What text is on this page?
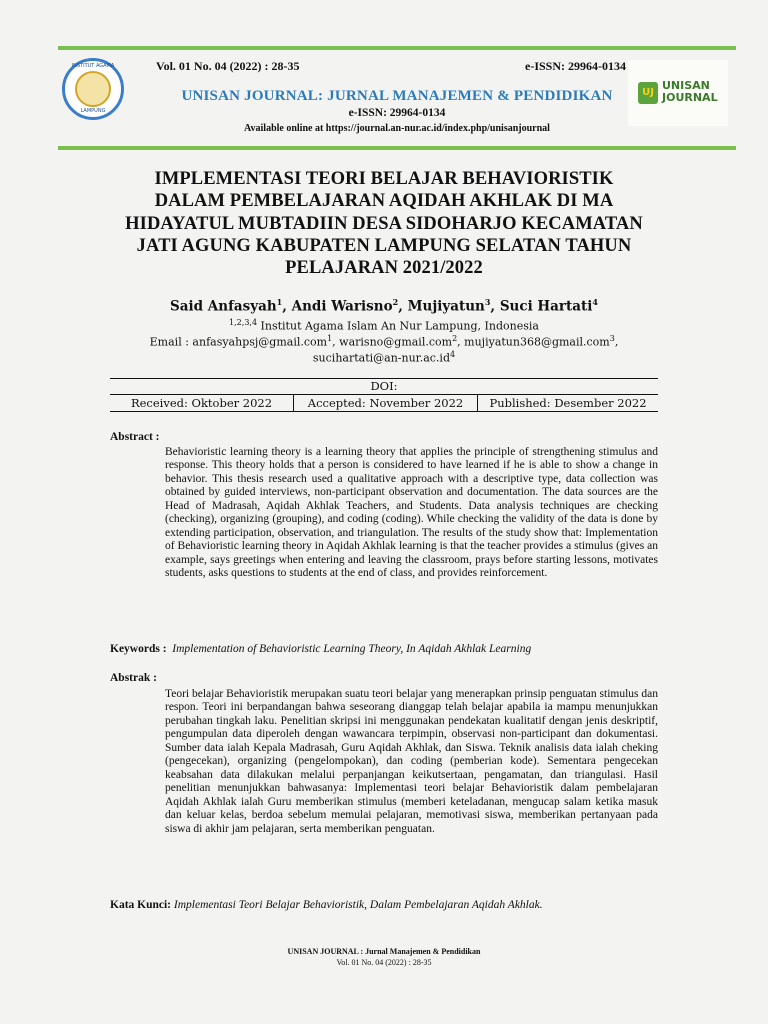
INSTITUT AGAMA
LAMPUNG
Vol. 01 No. 04 (2022) : 28-35	e-ISSN: 29964-0134
UNISAN JOURNAL: JURNAL MANAJEMEN & PENDIDIKAN
e-ISSN: 29964-0134
Available online at https://journal.an-nur.ac.id/index.php/unisanjournal
UJ
UNISAN
JOURNAL
IMPLEMENTASI TEORI BELAJAR BEHAVIORISTIK DALAM PEMBELAJARAN AQIDAH AKHLAK DI MA HIDAYATUL MUBTADIIN DESA SIDOHARJO KECAMATAN JATI AGUNG KABUPATEN LAMPUNG SELATAN TAHUN PELAJARAN 2021/2022
Said Anfasyah$^1$, Andi Warisno$^2$, Mujiyatun$^3$, Suci Hartati$^4$
$^{1,2,3,4}$ Institut Agama Islam An Nur Lampung, Indonesia
Email : anfasyahpsj@gmail.com$^1$, warisno@gmail.com$^2$, mujiyatun368@gmail.com$^3$,
$sucihartati@an-nur.ac.id^4$
DOI:
Received: Oktober 2022	Accepted: November 2022	Published: Desember 2022
Abstract :
Behavioristic learning theory is a learning theory that applies the principle of strengthening stimulus and response. This theory holds that a person is considered to have learned if he is able to show a change in behavior. This thesis research used a qualitative approach with a descriptive type, data collection was obtained by guided interviews, non-participant observation and documentation. The data sources are the Head of Madrasah, Aqidah Akhlak Teachers, and Students. Data analysis techniques are checking (checking), organizing (grouping), and coding (coding). While checking the validity of the data is done by extending participation, observation, and triangulation. The results of the study show that: Implementation of Behavioristic learning theory in Aqidah Akhlak learning is that the teacher provides a stimulus (gives an example, says greetings when entering and leaving the classroom, prays before starting lessons, motivates students, asks questions to students at the end of class, and provides reinforcement.
Keywords : Implementation of Behavioristic Learning Theory, In Aqidah Akhlak Learning
Abstrak :
Teori belajar Behavioristik merupakan suatu teori belajar yang menerapkan prinsip penguatan stimulus dan respon. Teori ini berpandangan bahwa seseorang dianggap telah belajar apabila ia mampu menunjukkan perubahan tingkah laku. Penelitian skripsi ini menggunakan pendekatan kualitatif dengan jenis deskriptif, pengumpulan data diperoleh dengan wawancara terpimpin, observasi non-participant dan dokumentasi. Sumber data ialah Kepala Madrasah, Guru Aqidah Akhlak, dan Siswa. Teknik analisis data ialah cheking (pengecekan), organizing (pengelompokan), dan coding (pemberian kode). Sementara pengecekan keabsahan data dilakukan melalui perpanjangan keikutsertaan, pengamatan, dan triangulasi. Hasil penelitian menunjukkan bahwasanya: Implementasi teori belajar Behavioristik dalam pembelajaran Aqidah Akhlak ialah Guru memberikan stimulus (memberi keteladanan, mengucap salam ketika masuk dan keluar kelas, berdoa sebelum memulai pelajaran, memotivasi siswa, memberikan pertanyaan pada siswa di akhir jam pelajaran, serta memberikan penguatan.
Kata Kunci: Implementasi Teori Belajar Behavioristik, Dalam Pembelajaran Aqidah Akhlak.
UNISAN JOURNAL : Jurnal Manajemen & Pendidikan
Vol. 01 No. 04 (2022) : 28-35
